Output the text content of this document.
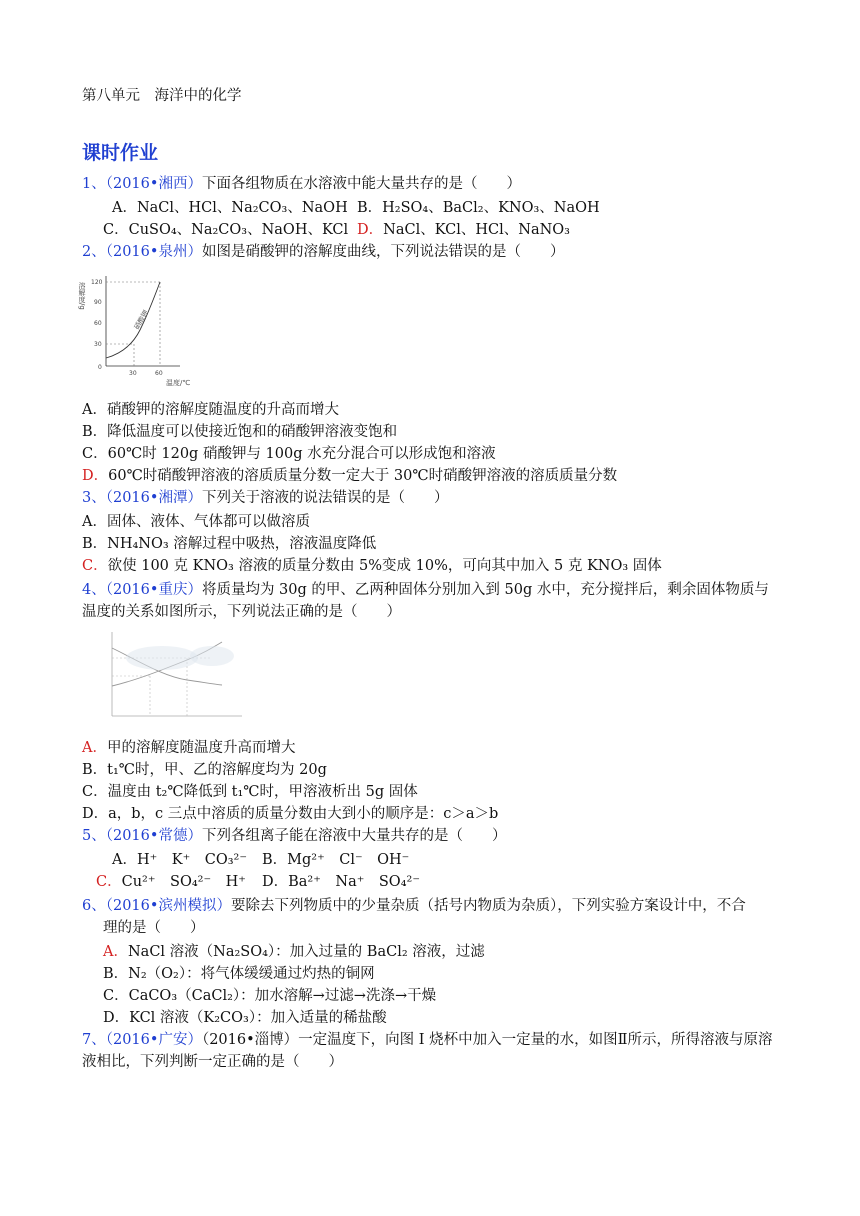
第八单元　海洋中的化学
课时作业
1、（2016•湘西）下面各组物质在水溶液中能大量共存的是（　　）
A．NaCl、HCl、Na₂CO₃、NaOH B．H₂SO₄、BaCl₂、KNO₃、NaOH
C．CuSO₄、Na₂CO₃、NaOH、KCl D．NaCl、KCl、HCl、NaNO₃
2、（2016•泉州）如图是硝酸钾的溶解度曲线，下列说法错误的是（　　）
溶解度/g
硝酸钾
120
90
60
30
0
30	60
温度/℃
A．硝酸钾的溶解度随温度的升高而增大
B．降低温度可以使接近饱和的硝酸钾溶液变饱和
C．60℃时 120g 硝酸钾与 100g 水充分混合可以形成饱和溶液
D．60℃时硝酸钾溶液的溶质质量分数一定大于 30℃时硝酸钾溶液的溶质质量分数
3、（2016•湘潭）下列关于溶液的说法错误的是（　　）
A．固体、液体、气体都可以做溶质
B．NH₄NO₃ 溶解过程中吸热，溶液温度降低
C．欲使 100 克 KNO₃ 溶液的质量分数由 5%变成 10%，可向其中加入 5 克 KNO₃ 固体
4、（2016•重庆）将质量均为 30g 的甲、乙两种固体分别加入到 50g 水中，充分搅拌后，剩余固体物质与
温度的关系如图所示，下列说法正确的是（　　）
A．甲的溶解度随温度升高而增大
B．t₁℃时，甲、乙的溶解度均为 20g
C．温度由 t₂℃降低到 t₁℃时，甲溶液析出 5g 固体
D．a，b，c 三点中溶质的质量分数由大到小的顺序是：c＞a＞b
5、（2016•常德）下列各组离子能在溶液中大量共存的是（　　）
A．H⁺　K⁺　CO₃²⁻ B．Mg²⁺　Cl⁻　OH⁻
C．Cu²⁺　SO₄²⁻　H⁺ D．Ba²⁺　Na⁺　SO₄²⁻
6、（2016•滨州模拟）要除去下列物质中的少量杂质（括号内物质为杂质），下列实验方案设计中，不合
理的是（　　）
A．NaCl 溶液（Na₂SO₄）：加入过量的 BaCl₂ 溶液，过滤
B．N₂（O₂）：将气体缓缓通过灼热的铜网
C．CaCO₃（CaCl₂）：加水溶解→过滤→洗涤→干燥
D．KCl 溶液（K₂CO₃）：加入适量的稀盐酸
7、（2016•广安）（2016•淄博）一定温度下，向图 I 烧杯中加入一定量的水，如图Ⅱ所示，所得溶液与原溶
液相比，下列判断一定正确的是（　　）
